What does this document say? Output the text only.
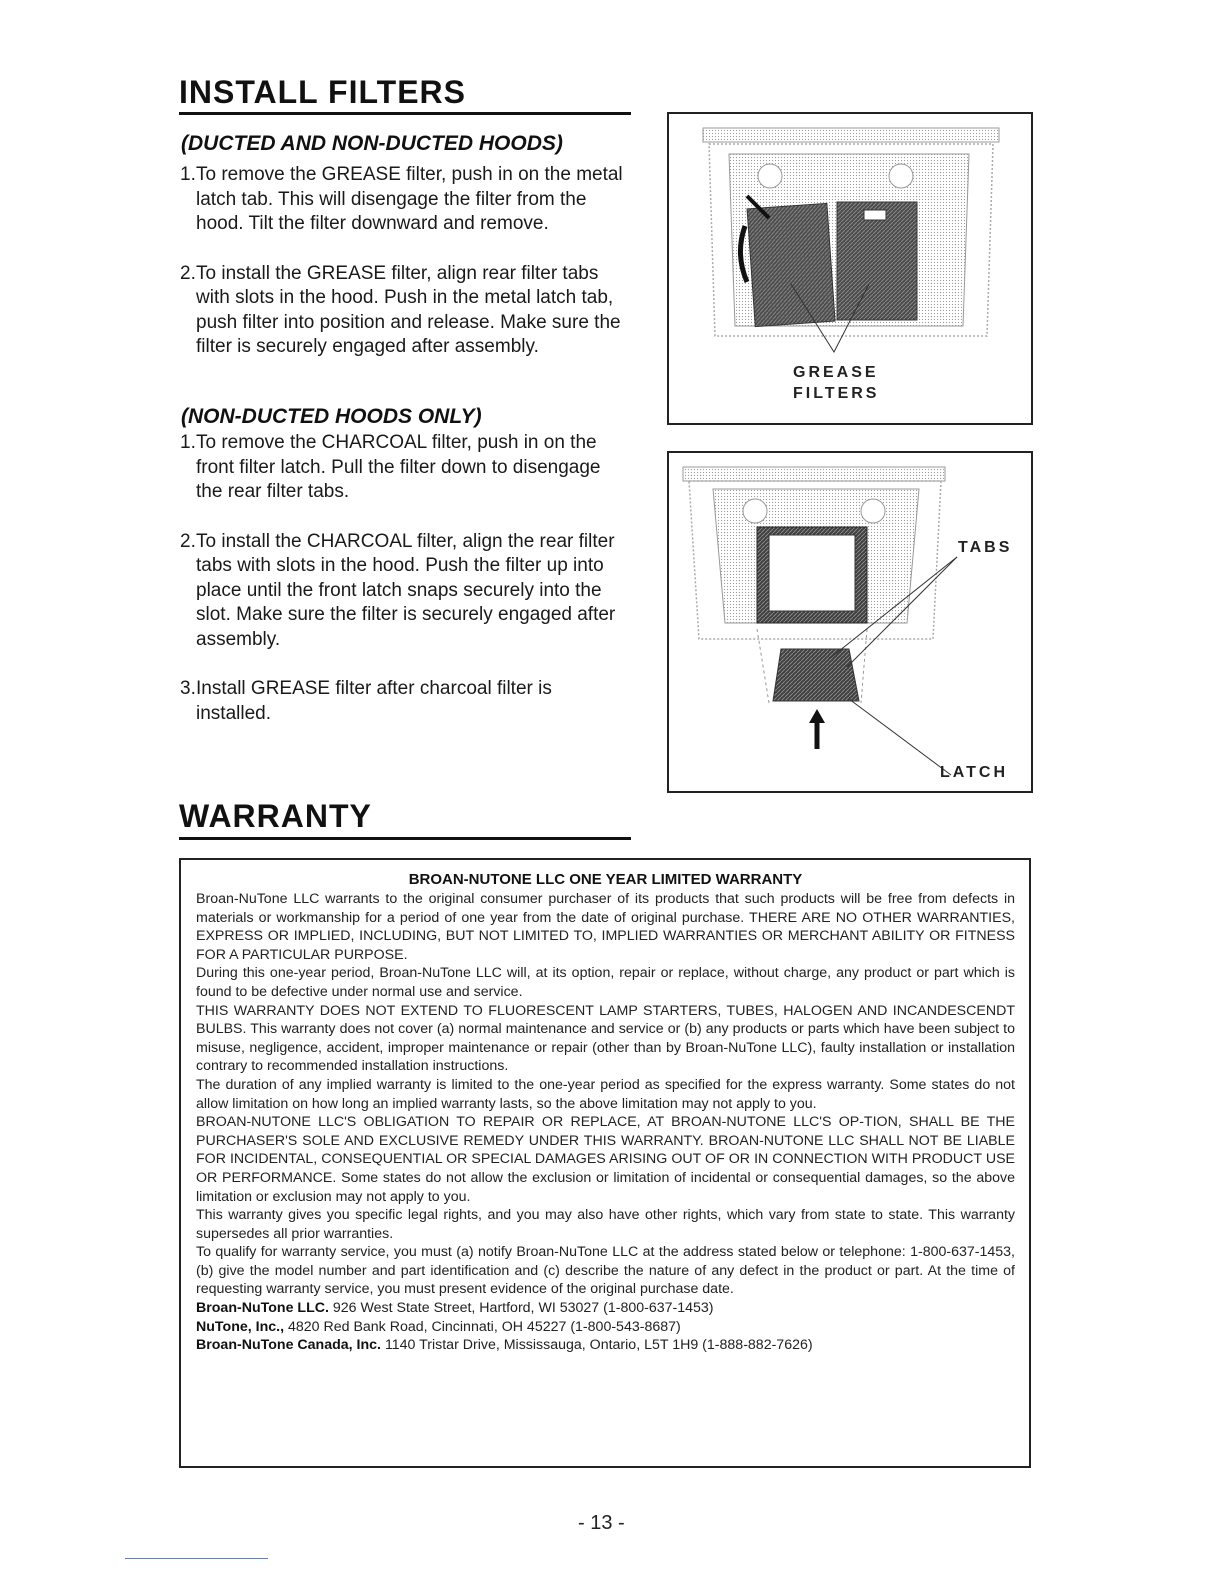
INSTALL FILTERS
(DUCTED AND NON-DUCTED HOODS)
1. To remove the GREASE filter, push in on the metal latch tab. This will disengage the filter from the hood. Tilt the filter downward and remove.
2. To install the GREASE filter, align rear filter tabs with slots in the hood. Push in the metal latch tab, push filter into position and release. Make sure the filter is securely engaged after assembly.
(NON-DUCTED HOODS ONLY)
1. To remove the CHARCOAL filter, push in on the front filter latch. Pull the filter down to disengage the rear filter tabs.
2. To install the CHARCOAL filter, align the rear filter tabs with slots in the hood. Push the filter up into place until the front latch snaps securely into the slot. Make sure the filter is securely engaged after assembly.
3. Install GREASE filter after charcoal filter is installed.
GREASE
FILTERS
TABS
LATCH
WARRANTY
BROAN-NUTONE LLC ONE YEAR LIMITED WARRANTY

Broan-NuTone LLC warrants to the original consumer purchaser of its products that such products will be free from defects in materials or workmanship for a period of one year from the date of original purchase. THERE ARE NO OTHER WARRANTIES, EXPRESS OR IMPLIED, INCLUDING, BUT NOT LIMITED TO, IMPLIED WARRANTIES OR MERCHANT ABILITY OR FITNESS FOR A PARTICULAR PURPOSE.

During this one-year period, Broan-NuTone LLC will, at its option, repair or replace, without charge, any product or part which is found to be defective under normal use and service.

THIS WARRANTY DOES NOT EXTEND TO FLUORESCENT LAMP STARTERS, TUBES, HALOGEN AND INCANDESCENDT BULBS. This warranty does not cover (a) normal maintenance and service or (b) any products or parts which have been subject to misuse, negligence, accident, improper maintenance or repair (other than by Broan-NuTone LLC), faulty installation or installation contrary to recommended installation instructions.

The duration of any implied warranty is limited to the one-year period as specified for the express warranty. Some states do not allow limitation on how long an implied warranty lasts, so the above limitation may not apply to you.

BROAN-NUTONE LLC'S OBLIGATION TO REPAIR OR REPLACE, AT BROAN-NUTONE LLC'S OP-TION, SHALL BE THE PURCHASER'S SOLE AND EXCLUSIVE REMEDY UNDER THIS WARRANTY. BROAN-NUTONE LLC SHALL NOT BE LIABLE FOR INCIDENTAL, CONSEQUENTIAL OR SPECIAL DAMAGES ARISING OUT OF OR IN CONNECTION WITH PRODUCT USE OR PERFORMANCE. Some states do not allow the exclusion or limitation of incidental or consequential damages, so the above limitation or exclusion may not apply to you.

This warranty gives you specific legal rights, and you may also have other rights, which vary from state to state. This warranty supersedes all prior warranties.

To qualify for warranty service, you must (a) notify Broan-NuTone LLC at the address stated below or telephone: 1-800-637-1453, (b) give the model number and part identification and (c) describe the nature of any defect in the product or part. At the time of requesting warranty service, you must present evidence of the original purchase date.

Broan-NuTone LLC. 926 West State Street, Hartford, WI 53027 (1-800-637-1453)

NuTone, Inc., 4820 Red Bank Road, Cincinnati, OH 45227 (1-800-543-8687)

Broan-NuTone Canada, Inc. 1140 Tristar Drive, Mississauga, Ontario, L5T 1H9 (1-888-882-7626)

- 13 -
